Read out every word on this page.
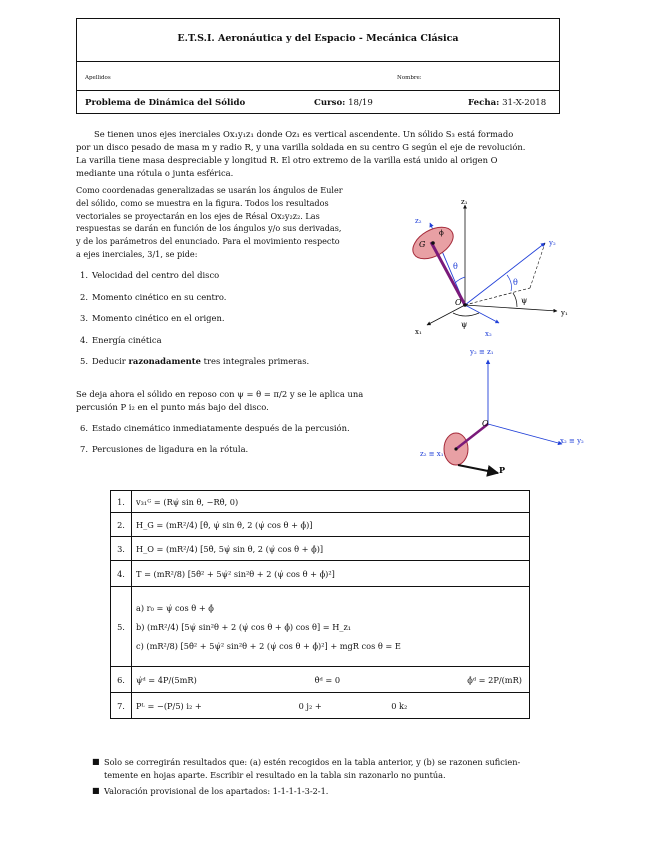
E.T.S.I. Aeronáutica y del Espacio - Mecánica Clásica
Apellidos	Nombre:
Problema de Dinámica del Sólido	Curso: 18/19	Fecha: 31-X-2018
Se tienen unos ejes inerciales Ox₁y₁z₁ donde Oz₁ es vertical ascendente. Un sólido S₃ está formado
por un disco pesado de masa m y radio R, y una varilla soldada en su centro G según el eje de revolución.
La varilla tiene masa despreciable y longitud R. El otro extremo de la varilla está unido al origen O
mediante una rótula o junta esférica.
Como coordenadas generalizadas se usarán los ángulos de Euler
del sólido, como se muestra en la figura. Todos los resultados
vectoriales se proyectarán en los ejes de Résal Ox₂y₂z₂. Las
respuestas se darán en función de los ángulos y/o sus derivadas,
y de los parámetros del enunciado. Para el movimiento respecto
a ejes inerciales, 3/1, se pide:
1. Velocidad del centro del disco
2. Momento cinético en su centro.
3. Momento cinético en el origen.
4. Energía cinética
5. Deducir razonadamente tres integrales primeras.
Se deja ahora el sólido en reposo con ψ = θ = π/2 y se le aplica una
percusión P i₂ en el punto más bajo del disco.
6. Estado cinemático inmediatamente después de la percusión.
7. Percusiones de ligadura en la rótula.
z₁
z₂
y₂
y₁
x₁	x₂
G
O
θ
θ
ψ
ψ
ϕ
y₂ ≡ z₁
x₂ ≡ y₂
z₂ ≡ x₁
O
P
1.	v₃₁ᴳ = (Rψ̇ sin θ, −Rθ̇, 0)
2.	H_G = (mR²/4) [θ̇, ψ̇ sin θ, 2 (ψ̇ cos θ + ϕ̇)]
3.	H_O = (mR²/4) [5θ̇, 5ψ̇ sin θ, 2 (ψ̇ cos θ + ϕ̇)]
4.	T = (mR²/8) [5θ̇² + 5ψ̇² sin²θ + 2 (ψ̇ cos θ + ϕ̇)²]
5.	a) r₀ = ψ̇ cos θ + ϕ̇
b) (mR²/4) [5ψ̇ sin²θ + 2 (ψ̇ cos θ + ϕ̇) cos θ] = H_z₁
c) (mR²/8) [5θ̇² + 5ψ̇² sin²θ + 2 (ψ̇ cos θ + ϕ̇)²] + mgR cos θ = E

6.	ψ̇ᵈ = 4P/(5mR) θ̇ᵈ = 0 ϕ̇ᵈ = 2P/(mR)
7.	Pᴸ = −(P/5) i₂ + 0 j₂ + 0 k₂
■ Solo se corregirán resultados que: (a) estén recogidos en la tabla anterior, y (b) se razonen suficien-
temente en hojas aparte. Escribir el resultado en la tabla sin razonarlo no puntúa.
■ Valoración provisional de los apartados: 1-1-1-1-3-2-1.
